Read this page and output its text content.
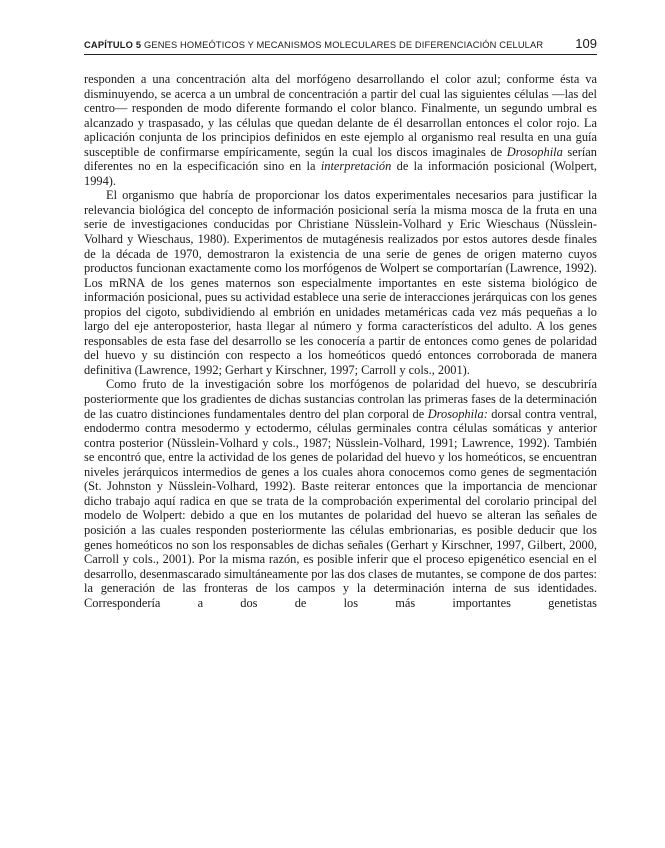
CAPÍTULO 5 GENES HOMEÓTICOS Y MECANISMOS MOLECULARES DE DIFERENCIACIÓN CELULAR 109

responden a una concentración alta del morfógeno desarrollando el color azul; conforme ésta va disminuyendo, se acerca a un umbral de concentración a partir del cual las siguientes células —las del centro— responden de modo diferente formando el color blanco. Finalmente, un segundo umbral es alcanzado y traspasado, y las células que quedan delante de él desarrollan entonces el color rojo. La aplicación conjunta de los principios definidos en este ejemplo al organismo real resulta en una guía susceptible de confirmarse empíricamente, según la cual los discos imaginales de Drosophila serían diferentes no en la especificación sino en la interpretación de la información posicional (Wolpert, 1994).

El organismo que habría de proporcionar los datos experimentales necesarios para justificar la relevancia biológica del concepto de información posicional sería la misma mosca de la fruta en una serie de investigaciones conducidas por Christiane Nüsslein-Volhard y Eric Wieschaus (Nüsslein-Volhard y Wieschaus, 1980). Experimentos de mutagénesis realizados por estos autores desde finales de la década de 1970, demostraron la existencia de una serie de genes de origen materno cuyos productos funcionan exactamente como los morfógenos de Wolpert se comportarían (Lawrence, 1992). Los mRNA de los genes maternos son especialmente importantes en este sistema biológico de información posicional, pues su actividad establece una serie de interacciones jerárquicas con los genes propios del cigoto, subdividiendo al embrión en unidades metaméricas cada vez más pequeñas a lo largo del eje anteroposterior, hasta llegar al número y forma característicos del adulto. A los genes responsables de esta fase del desarrollo se les conocería a partir de entonces como genes de polaridad del huevo y su distinción con respecto a los homeóticos quedó entonces corroborada de manera definitiva (Lawrence, 1992; Gerhart y Kirschner, 1997; Carroll y cols., 2001).

Como fruto de la investigación sobre los morfógenos de polaridad del huevo, se descubriría posteriormente que los gradientes de dichas sustancias controlan las primeras fases de la determinación de las cuatro distinciones fundamentales dentro del plan corporal de Drosophila: dorsal contra ventral, endodermo contra mesodermo y ectodermo, células germinales contra células somáticas y anterior contra posterior (Nüsslein-Volhard y cols., 1987; Nüsslein-Volhard, 1991; Lawrence, 1992). También se encontró que, entre la actividad de los genes de polaridad del huevo y los homeóticos, se encuentran niveles jerárquicos intermedios de genes a los cuales ahora conocemos como genes de segmentación (St. Johnston y Nüsslein-Volhard, 1992). Baste reiterar entonces que la importancia de mencionar dicho trabajo aquí radica en que se trata de la comprobación experimental del corolario principal del modelo de Wolpert: debido a que en los mutantes de polaridad del huevo se alteran las señales de posición a las cuales responden posteriormente las células embrionarias, es posible deducir que los genes homeóticos no son los responsables de dichas señales (Gerhart y Kirschner, 1997, Gilbert, 2000, Carroll y cols., 2001). Por la misma razón, es posible inferir que el proceso epigenético esencial en el desarrollo, desenmascarado simultáneamente por las dos clases de mutantes, se compone de dos partes: la generación de las fronteras de los campos y la determinación interna de sus identidades. Correspondería a dos de los más importantes genetistas
